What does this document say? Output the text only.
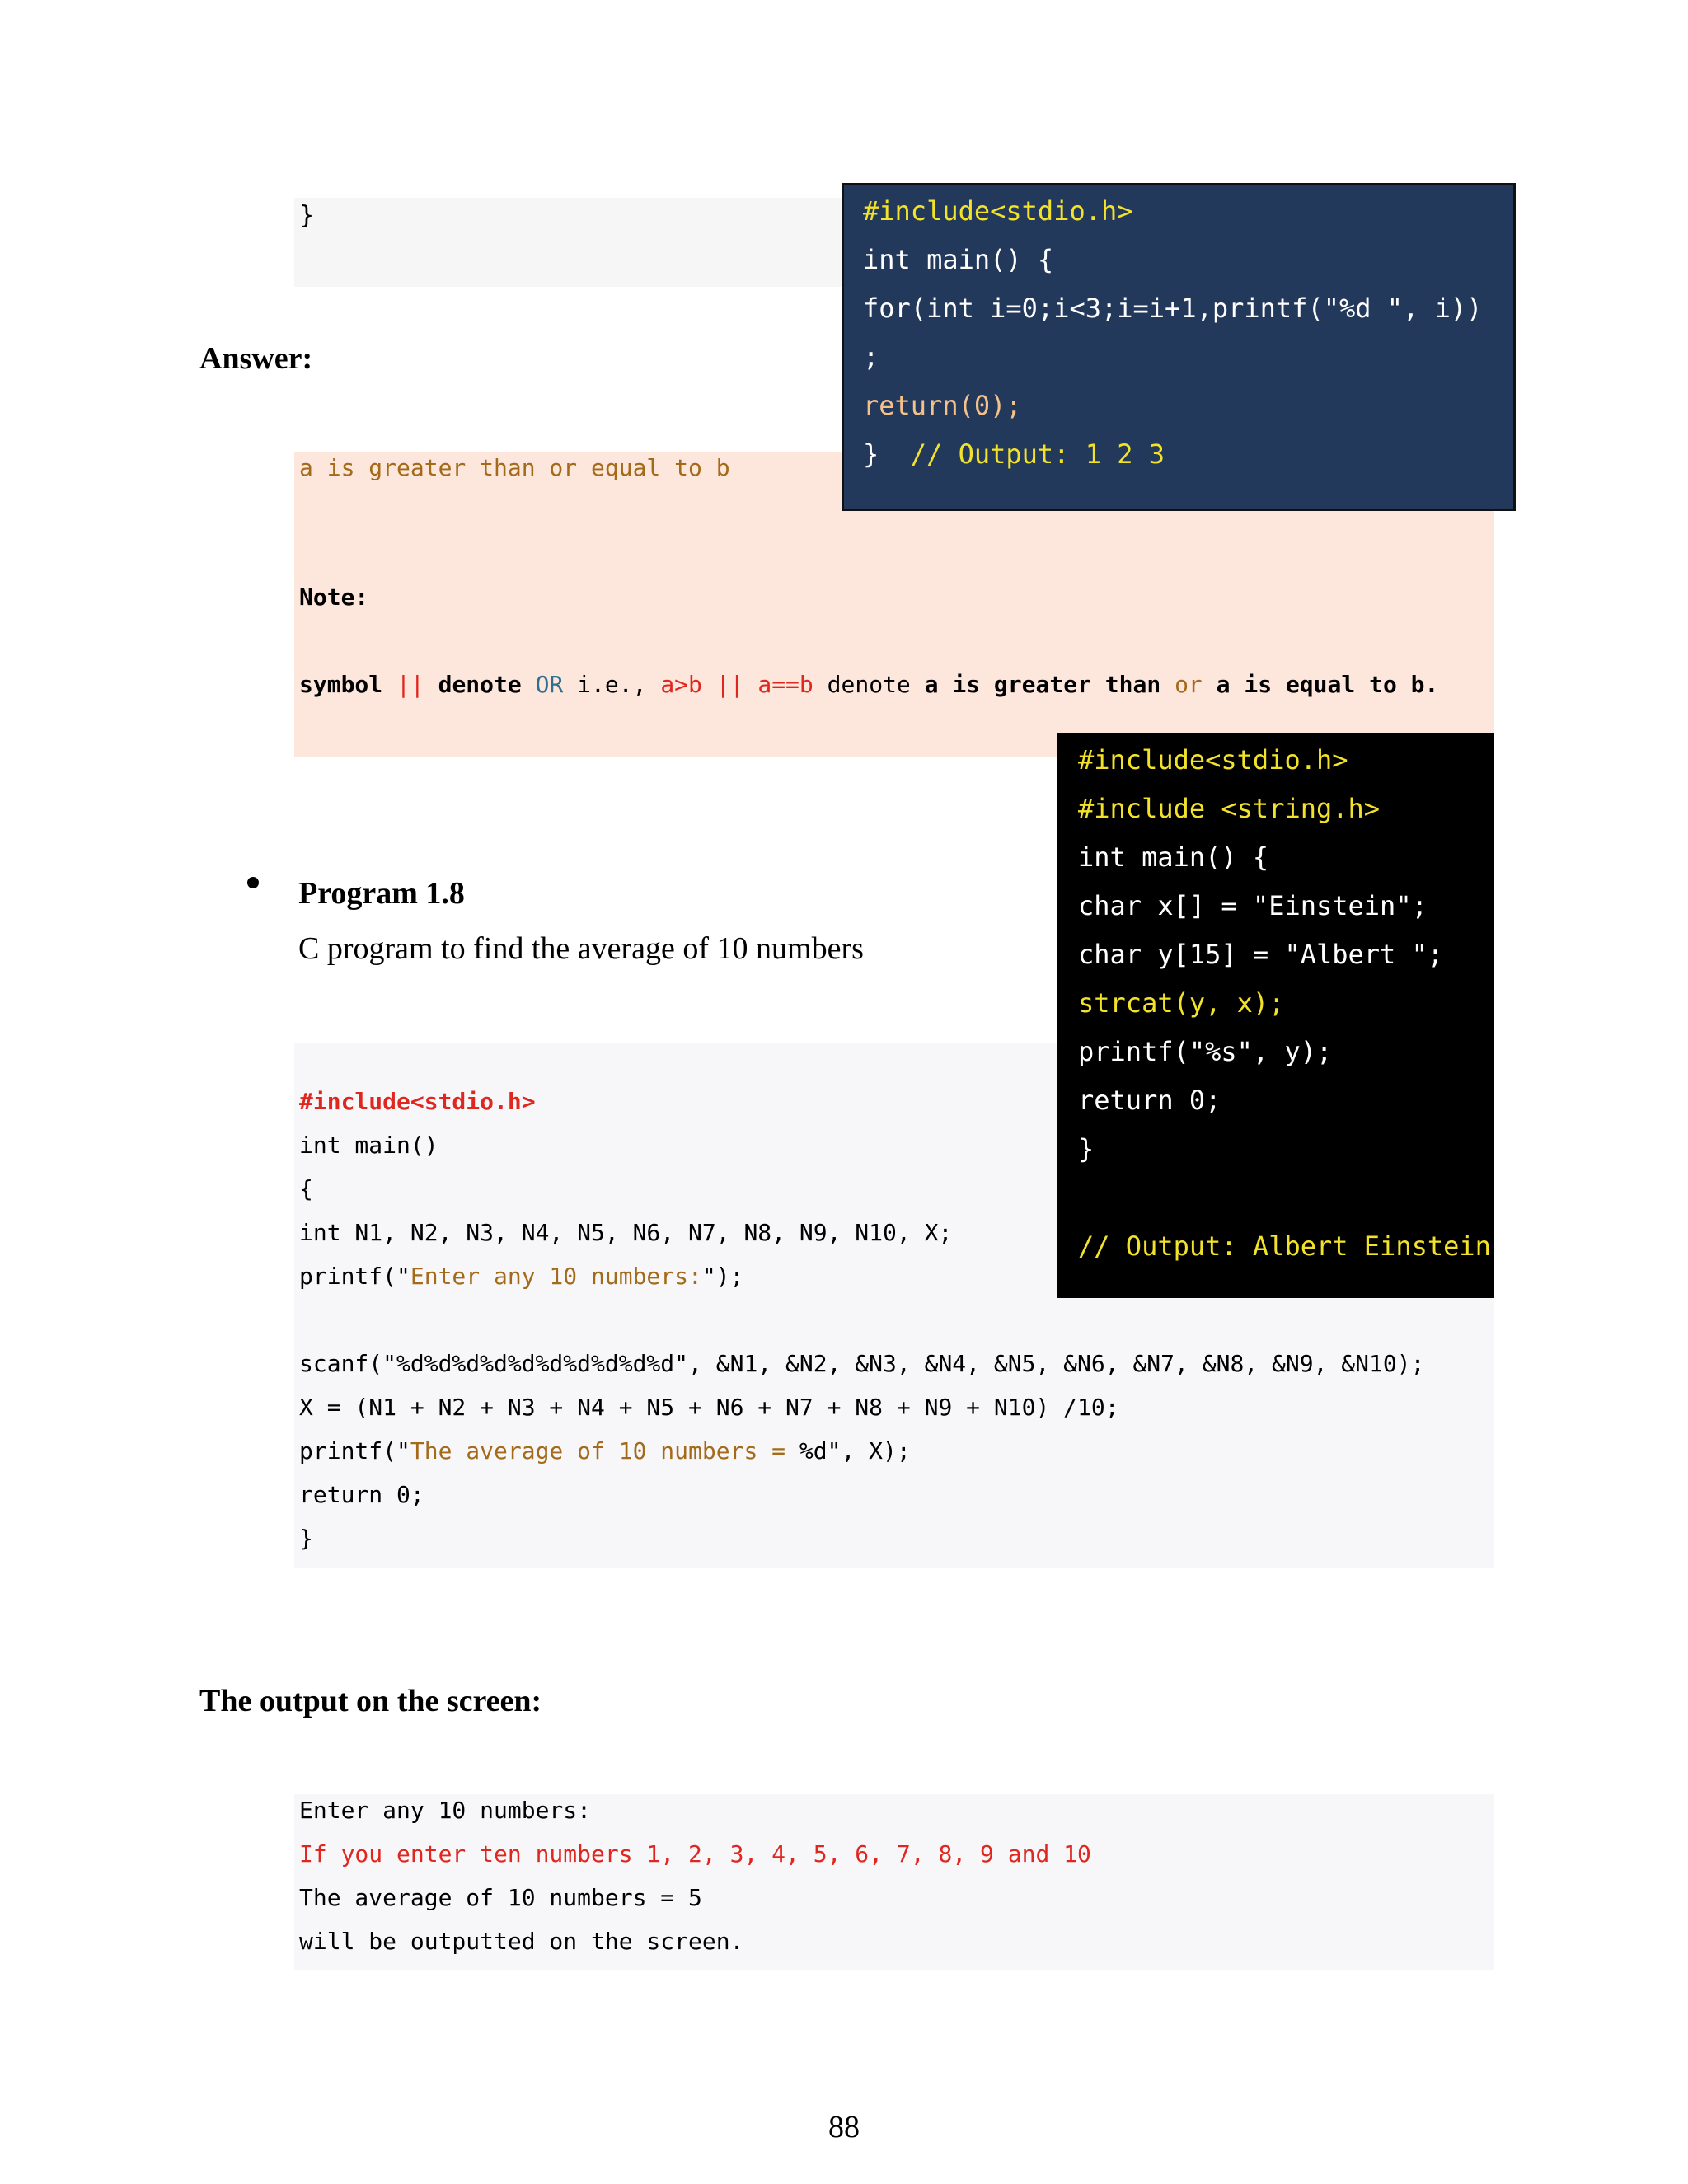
}
Answer:
a is greater than or equal to b
Note:
symbol || denote OR i.e., a>b || a==b denote a is greater than or a is equal to b.
#include<stdio.h>
int main() {
for(int i=0;i<3;i=i+1,printf("%d ", i))
;
return(0);
}  // Output: 1 2 3
Program 1.8
C program to find the average of 10 numbers
#include<stdio.h>
int main()
{
int N1, N2, N3, N4, N5, N6, N7, N8, N9, N10, X;
printf("Enter any 10 numbers:");
scanf("%d%d%d%d%d%d%d%d%d%d", &N1, &N2, &N3, &N4, &N5, &N6, &N7, &N8, &N9, &N10);
X = (N1 + N2 + N3 + N4 + N5 + N6 + N7 + N8 + N9 + N10) /10;
printf("The average of 10 numbers = %d", X);
return 0;
}
#include<stdio.h>
#include <string.h>
int main() {
char x[] = "Einstein";
char y[15] = "Albert ";
strcat(y, x);
printf("%s", y);
return 0;
}
// Output: Albert Einstein
The output on the screen:
Enter any 10 numbers:
If you enter ten numbers 1, 2, 3, 4, 5, 6, 7, 8, 9 and 10
The average of 10 numbers = 5
will be outputted on the screen.
88
